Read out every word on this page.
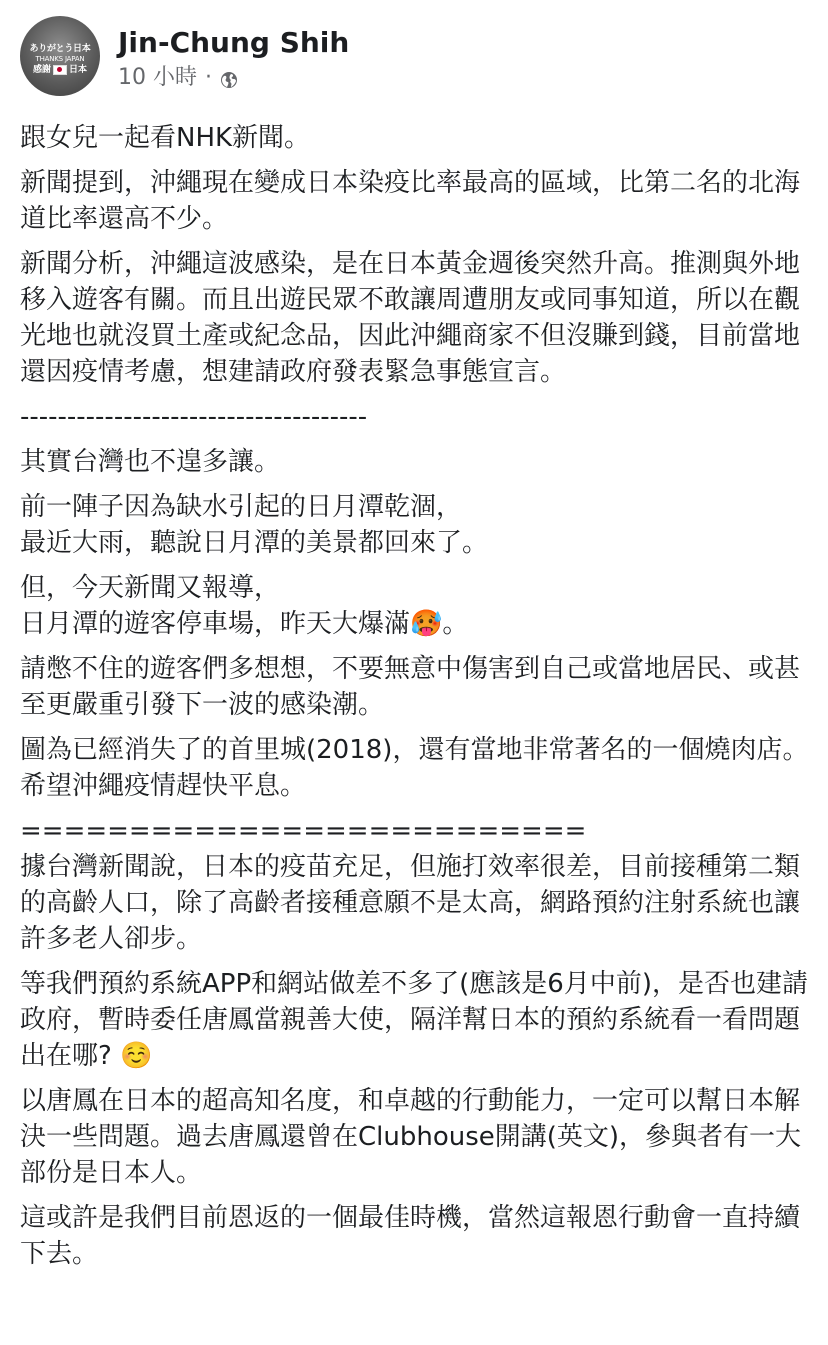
ありがとう日本
THANKS JAPAN
感謝 日本
Jin-Chung Shih
10 小時 ·

跟女兒一起看NHK新聞。

新聞提到，沖繩現在變成日本染疫比率最高的區域，比第二名的北海道比率還高不少。

新聞分析，沖繩這波感染，是在日本黃金週後突然升高。推測與外地移入遊客有關。而且出遊民眾不敢讓周遭朋友或同事知道，所以在觀光地也就沒買土產或紀念品，因此沖繩商家不但沒賺到錢，目前當地還因疫情考慮，想建請政府發表緊急事態宣言。

-------------------------------------

其實台灣也不遑多讓。

前一陣子因為缺水引起的日月潭乾涸，
最近大雨，聽說日月潭的美景都回來了。

但，今天新聞又報導，
日月潭的遊客停車場，昨天大爆滿🥵。

請憋不住的遊客們多想想，不要無意中傷害到自己或當地居民、或甚至更嚴重引發下一波的感染潮。

圖為已經消失了的首里城(2018)，還有當地非常著名的一個燒肉店。希望沖繩疫情趕快平息。

==========================
據台灣新聞說，日本的疫苗充足，但施打效率很差，目前接種第二類的高齡人口，除了高齡者接種意願不是太高，網路預約注射系統也讓許多老人卻步。

等我們預約系統APP和網站做差不多了(應該是6月中前)，是否也建請政府，暫時委任唐鳳當親善大使，隔洋幫日本的預約系統看一看問題出在哪? ☺️

以唐鳳在日本的超高知名度，和卓越的行動能力，一定可以幫日本解決一些問題。過去唐鳳還曾在Clubhouse開講(英文)，參與者有一大部份是日本人。

這或許是我們目前恩返的一個最佳時機，當然這報恩行動會一直持續下去。
